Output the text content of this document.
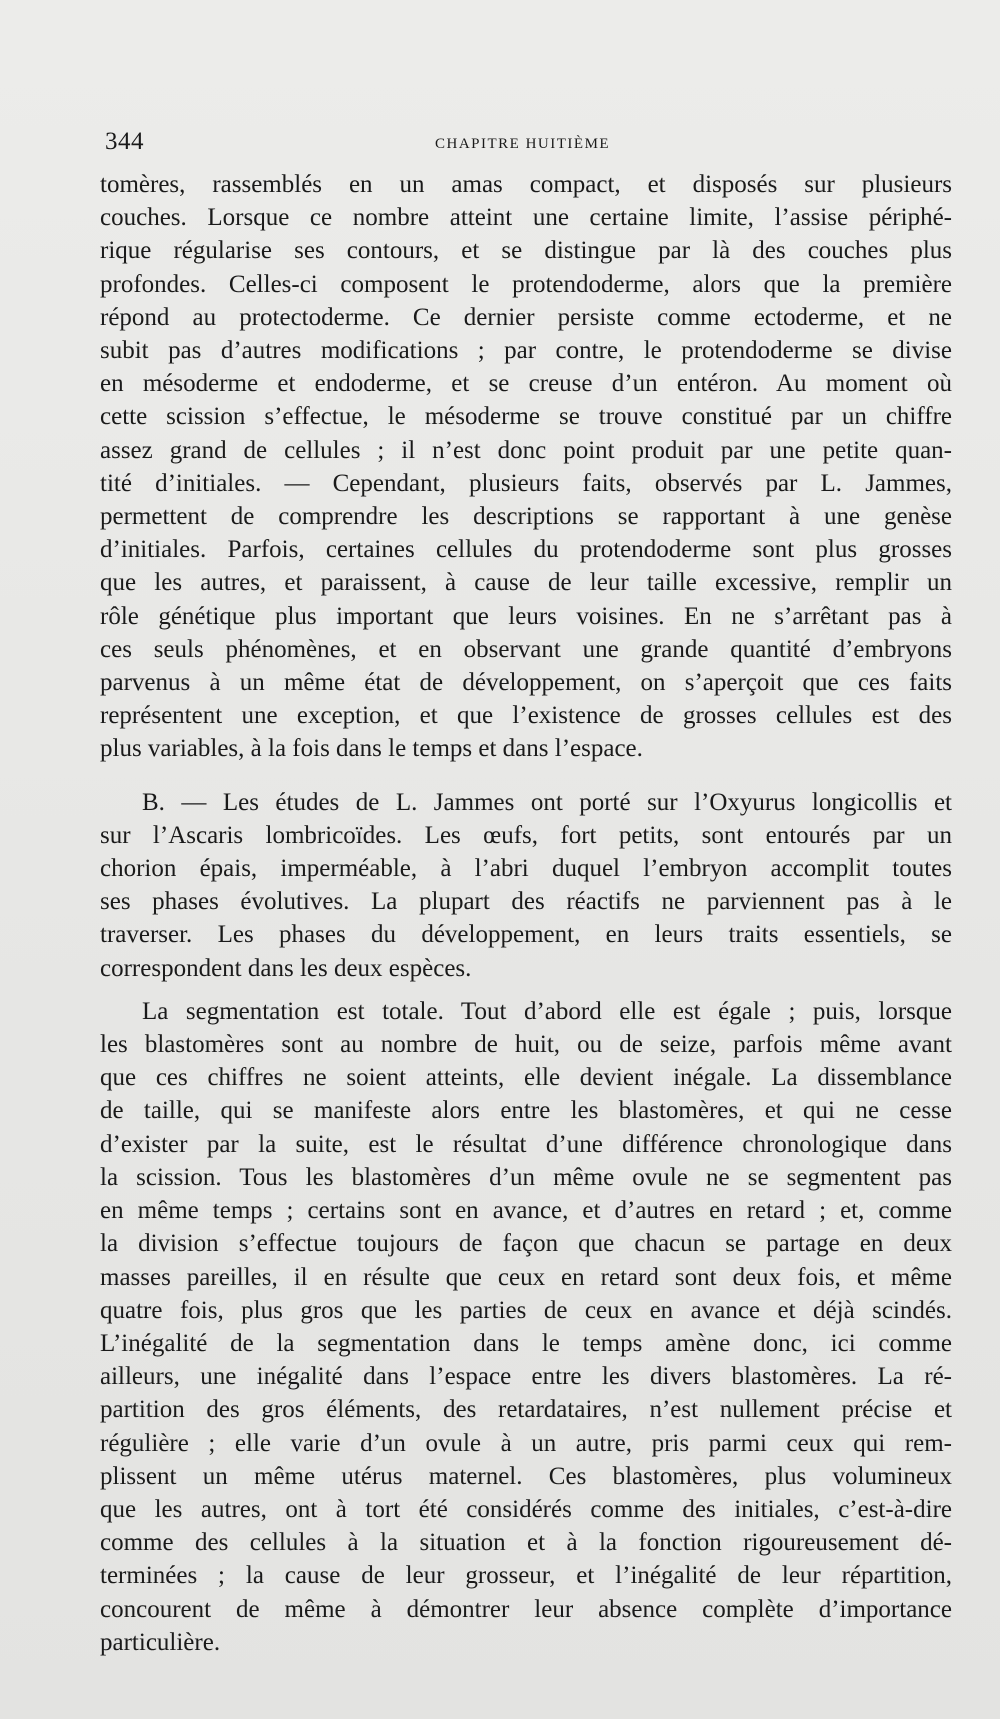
344	CHAPITRE HUITIÈME

tomères, rassemblés en un amas compact, et disposés sur plusieurs
couches. Lorsque ce nombre atteint une certaine limite, l’assise périphé-
rique régularise ses contours, et se distingue par là des couches plus
profondes. Celles-ci composent le protendoderme, alors que la première
répond au protectoderme. Ce dernier persiste comme ectoderme, et ne
subit pas d’autres modifications ; par contre, le protendoderme se divise
en mésoderme et endoderme, et se creuse d’un entéron. Au moment où
cette scission s’effectue, le mésoderme se trouve constitué par un chiffre
assez grand de cellules ; il n’est donc point produit par une petite quan-
tité d’initiales. — Cependant, plusieurs faits, observés par L. Jammes,
permettent de comprendre les descriptions se rapportant à une genèse
d’initiales. Parfois, certaines cellules du protendoderme sont plus grosses
que les autres, et paraissent, à cause de leur taille excessive, remplir un
rôle génétique plus important que leurs voisines. En ne s’arrêtant pas à
ces seuls phénomènes, et en observant une grande quantité d’embryons
parvenus à un même état de développement, on s’aperçoit que ces faits
représentent une exception, et que l’existence de grosses cellules est des
plus variables, à la fois dans le temps et dans l’espace.

B. — Les études de L. Jammes ont porté sur l’Oxyurus longicollis et
sur l’Ascaris lombricoïdes. Les œufs, fort petits, sont entourés par un
chorion épais, imperméable, à l’abri duquel l’embryon accomplit toutes
ses phases évolutives. La plupart des réactifs ne parviennent pas à le
traverser. Les phases du développement, en leurs traits essentiels, se
correspondent dans les deux espèces.

La segmentation est totale. Tout d’abord elle est égale ; puis, lorsque
les blastomères sont au nombre de huit, ou de seize, parfois même avant
que ces chiffres ne soient atteints, elle devient inégale. La dissemblance
de taille, qui se manifeste alors entre les blastomères, et qui ne cesse
d’exister par la suite, est le résultat d’une différence chronologique dans
la scission. Tous les blastomères d’un même ovule ne se segmentent pas
en même temps ; certains sont en avance, et d’autres en retard ; et, comme
la division s’effectue toujours de façon que chacun se partage en deux
masses pareilles, il en résulte que ceux en retard sont deux fois, et même
quatre fois, plus gros que les parties de ceux en avance et déjà scindés.
L’inégalité de la segmentation dans le temps amène donc, ici comme
ailleurs, une inégalité dans l’espace entre les divers blastomères. La ré-
partition des gros éléments, des retardataires, n’est nullement précise et
régulière ; elle varie d’un ovule à un autre, pris parmi ceux qui rem-
plissent un même utérus maternel. Ces blastomères, plus volumineux
que les autres, ont à tort été considérés comme des initiales, c’est-à-dire
comme des cellules à la situation et à la fonction rigoureusement dé-
terminées ; la cause de leur grosseur, et l’inégalité de leur répartition,
concourent de même à démontrer leur absence complète d’importance
particulière.
